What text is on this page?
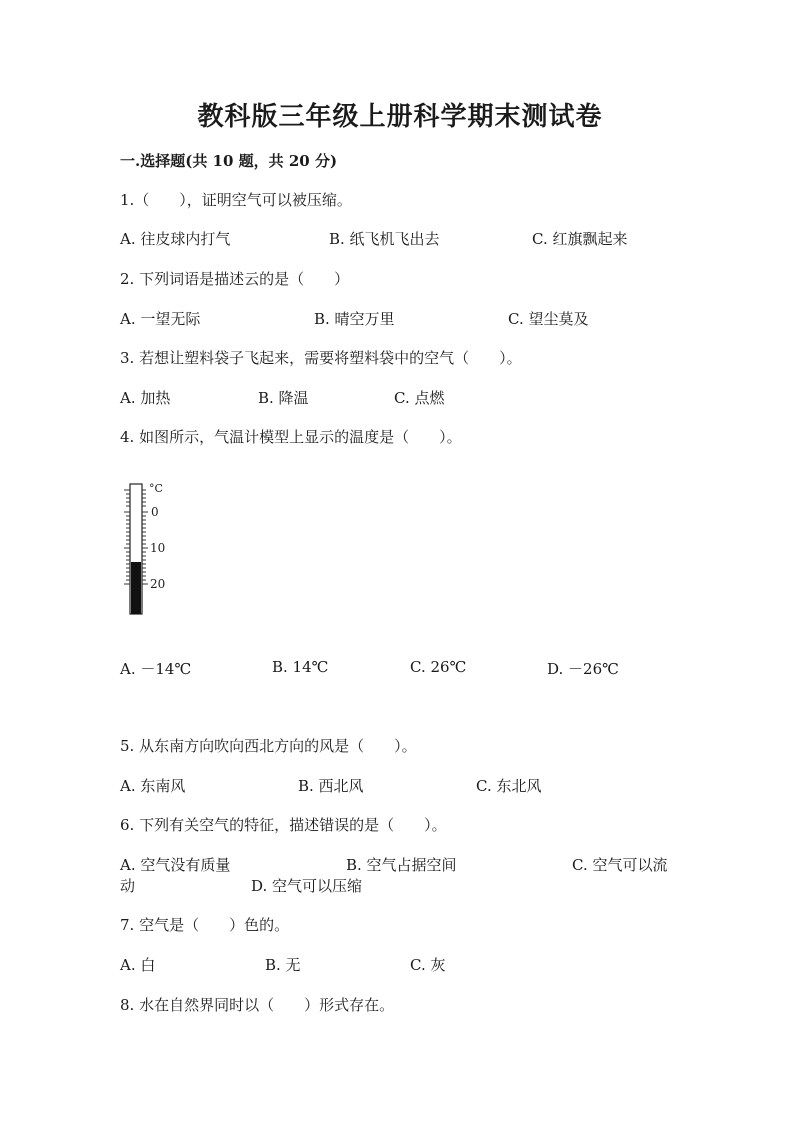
教科版三年级上册科学期末测试卷
一.选择题(共 10 题，共 20 分)
1.（　　），证明空气可以被压缩。
A. 往皮球内打气	B. 纸飞机飞出去	C. 红旗飘起来
2. 下列词语是描述云的是（　　）
A. 一望无际	B. 晴空万里	C. 望尘莫及
3. 若想让塑料袋子飞起来，需要将塑料袋中的空气（　　）。
A. 加热	B. 降温	C. 点燃
4. 如图所示，气温计模型上显示的温度是（　　）。
°C
0
10
20
A. －14℃	B. 14℃	C. 26℃	D. －26℃
5. 从东南方向吹向西北方向的风是（　　）。
A. 东南风	B. 西北风	C. 东北风
6. 下列有关空气的特征，描述错误的是（　　）。
A. 空气没有质量	B. 空气占据空间	C. 空气可以流
动	D. 空气可以压缩
7. 空气是（　　）色的。
A. 白	B. 无	C. 灰
8. 水在自然界同时以（　　）形式存在。
